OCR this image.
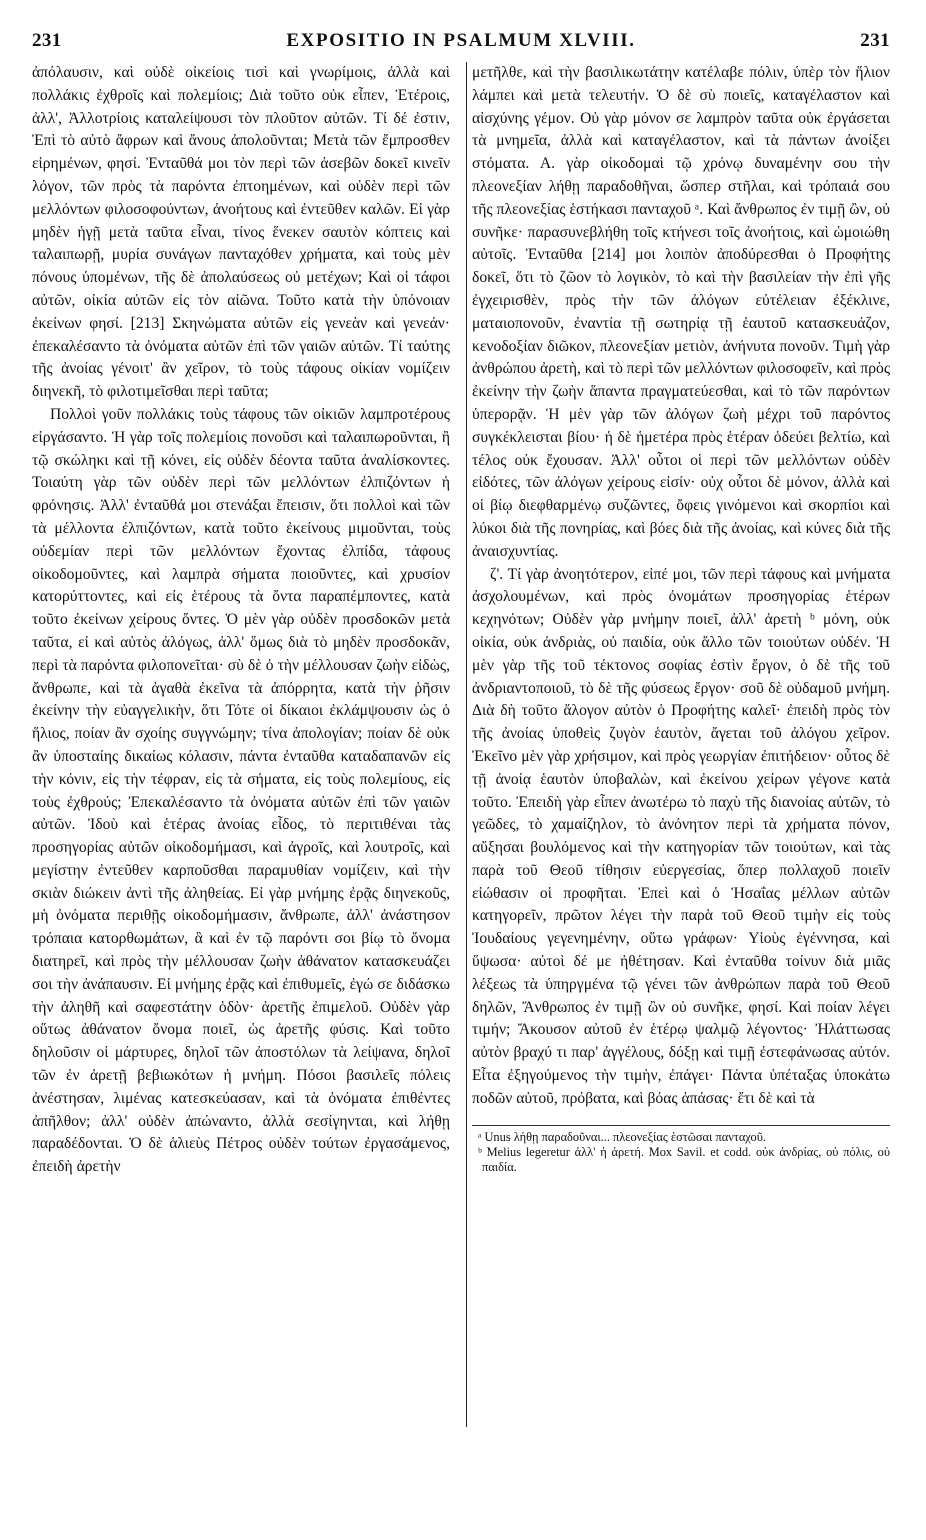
231	EXPOSITIO IN PSALMUM XLVIII.	231

ἀπόλαυσιν, καὶ οὐδὲ οἰκείοις τισὶ καὶ γνωρίμοις, ἀλλὰ καὶ πολλάκις ἐχθροῖς καὶ πολεμίοις; Διὰ τοῦτο οὐκ εἶπεν, Ἑτέροις, ἀλλ', Ἀλλοτρίοις καταλείψουσι τὸν πλοῦτον αὐτῶν. Τί δέ ἐστιν, Ἐπὶ τὸ αὐτὸ ἄφρων καὶ ἄνους ἀπολοῦνται; Μετὰ τῶν ἔμπροσθεν εἰρημένων, φησί. Ἐνταῦθά μοι τὸν περὶ τῶν ἀσεβῶν δοκεῖ κινεῖν λόγον, τῶν πρὸς τὰ παρόντα ἐπτοημένων, καὶ οὐδὲν περὶ τῶν μελλόντων φιλοσοφούντων, ἀνοήτους καὶ ἐντεῦθεν καλῶν. Εἰ γὰρ μηδὲν ἡγῇ μετὰ ταῦτα εἶναι, τίνος ἕνεκεν σαυτὸν κόπτεις καὶ ταλαιπωρῇ, μυρία συνάγων πανταχόθεν χρήματα, καὶ τοὺς μὲν πόνους ὑπομένων, τῆς δὲ ἀπολαύσεως οὐ μετέχων; Καὶ οἱ τάφοι αὐτῶν, οἰκία αὐτῶν εἰς τὸν αἰῶνα. Τοῦτο κατὰ τὴν ὑπόνοιαν ἐκείνων φησί. [213] Σκηνώματα αὐτῶν εἰς γενεὰν καὶ γενεάν· ἐπεκαλέσαντο τὰ ὀνόματα αὐτῶν ἐπὶ τῶν γαιῶν αὐτῶν. Τί ταύτης τῆς ἀνοίας γένοιτ' ἂν χεῖρον, τὸ τοὺς τάφους οἰκίαν νομίζειν διηνεκῆ, τὸ φιλοτιμεῖσθαι περὶ ταῦτα;

Πολλοὶ γοῦν πολλάκις τοὺς τάφους τῶν οἰκιῶν λαμπροτέρους εἰργάσαντο. Ἡ γὰρ τοῖς πολεμίοις πονοῦσι καὶ ταλαιπωροῦνται, ἢ τῷ σκώληκι καὶ τῇ κόνει, εἰς οὐδὲν δέοντα ταῦτα ἀναλίσκοντες. Τοιαύτη γὰρ τῶν οὐδὲν περὶ τῶν μελλόντων ἐλπιζόντων ἡ φρόνησις. Ἀλλ' ἐνταῦθά μοι στενάξαι ἔπεισιν, ὅτι πολλοὶ καὶ τῶν τὰ μέλλοντα ἐλπιζόντων, κατὰ τοῦτο ἐκείνους μιμοῦνται, τοὺς οὐδεμίαν περὶ τῶν μελλόντων ἔχοντας ἐλπίδα, τάφους οἰκοδομοῦντες, καὶ λαμπρὰ σήματα ποιοῦντες, καὶ χρυσίον κατορύττοντες, καὶ εἰς ἑτέρους τὰ ὄντα παραπέμποντες, κατὰ τοῦτο ἐκείνων χείρους ὄντες. Ὁ μὲν γὰρ οὐδὲν προσδοκῶν μετὰ ταῦτα, εἰ καὶ αὐτὸς ἀλόγως, ἀλλ' ὅμως διὰ τὸ μηδὲν προσδοκᾶν, περὶ τὰ παρόντα φιλοπονεῖται· σὺ δὲ ὁ τὴν μέλλουσαν ζωὴν εἰδὼς, ἄνθρωπε, καὶ τὰ ἀγαθὰ ἐκεῖνα τὰ ἀπόρρητα, κατὰ τὴν ῥῆσιν ἐκείνην τὴν εὐαγγελικὴν, ὅτι Τότε οἱ δίκαιοι ἐκλάμψουσιν ὡς ὁ ἥλιος, ποίαν ἂν σχοίης συγγνώμην; τίνα ἀπολογίαν; ποίαν δὲ οὐκ ἂν ὑποσταίης δικαίως κόλασιν, πάντα ἐνταῦθα καταδαπανῶν εἰς τὴν κόνιν, εἰς τὴν τέφραν, εἰς τὰ σήματα, εἰς τοὺς πολεμίους, εἰς τοὺς ἐχθρούς; Ἐπεκαλέσαντο τὰ ὀνόματα αὐτῶν ἐπὶ τῶν γαιῶν αὐτῶν. Ἰδοὺ καὶ ἑτέρας ἀνοίας εἶδος, τὸ περιτιθέναι τὰς προσηγορίας αὐτῶν οἰκοδομήμασι, καὶ ἀγροῖς, καὶ λουτροῖς, καὶ μεγίστην ἐντεῦθεν καρποῦσθαι παραμυθίαν νομίζειν, καὶ τὴν σκιὰν διώκειν ἀντὶ τῆς ἀληθείας. Εἰ γὰρ μνήμης ἐρᾷς διηνεκοῦς, μὴ ὀνόματα περιθῇς οἰκοδομήμασιν, ἄνθρωπε, ἀλλ' ἀνάστησον τρόπαια κατορθωμάτων, ἃ καὶ ἐν τῷ παρόντι σοι βίῳ τὸ ὄνομα διατηρεῖ, καὶ πρὸς τὴν μέλλουσαν ζωὴν ἀθάνατον κατασκευάζει σοι τὴν ἀνάπαυσιν. Εἰ μνήμης ἐρᾷς καὶ ἐπιθυμεῖς, ἐγώ σε διδάσκω τὴν ἀληθῆ καὶ σαφεστάτην ὁδὸν· ἀρετῆς ἐπιμελοῦ. Οὐδὲν γὰρ οὕτως ἀθάνατον ὄνομα ποιεῖ, ὡς ἀρετῆς φύσις. Καὶ τοῦτο δηλοῦσιν οἱ μάρτυρες, δηλοῖ τῶν ἀποστόλων τὰ λείψανα, δηλοῖ τῶν ἐν ἀρετῇ βεβιωκότων ἡ μνήμη. Πόσοι βασιλεῖς πόλεις ἀνέστησαν, λιμένας κατεσκεύασαν, καὶ τὰ ὀνόματα ἐπιθέντες ἀπῆλθον; ἀλλ' οὐδὲν ἀπώναντο, ἀλλὰ σεσίγηνται, καὶ λήθῃ παραδέδονται. Ὁ δὲ ἁλιεὺς Πέτρος οὐδὲν τούτων ἐργασάμενος, ἐπειδὴ ἀρετὴν

μετῆλθε, καὶ τὴν βασιλικωτάτην κατέλαβε πόλιν, ὑπὲρ τὸν ἥλιον λάμπει καὶ μετὰ τελευτήν. Ὁ δὲ σὺ ποιεῖς, καταγέλαστον καὶ αἰσχύνης γέμον. Οὐ γὰρ μόνον σε λαμπρὸν ταῦτα οὐκ ἐργάσεται τὰ μνημεῖα, ἀλλὰ καὶ καταγέλαστον, καὶ τὰ πάντων ἀνοίξει στόματα. Α. γὰρ οἰκοδομαὶ τῷ χρόνῳ δυναμένην σου τὴν πλεονεξίαν λήθῃ παραδοθῆναι, ὥσπερ στῆλαι, καὶ τρόπαιά σου τῆς πλεονεξίας ἑστήκασι πανταχοῦ ᵃ. Καὶ ἄνθρωπος ἐν τιμῇ ὢν, οὐ συνῆκε· παρασυνεβλήθη τοῖς κτήνεσι τοῖς ἀνοήτοις, καὶ ὡμοιώθη αὐτοῖς. Ἐνταῦθα [214] μοι λοιπὸν ἀποδύρεσθαι ὁ Προφήτης δοκεῖ, ὅτι τὸ ζῶον τὸ λογικὸν, τὸ καὶ τὴν βασιλείαν τὴν ἐπὶ γῆς ἐγχειρισθὲν, πρὸς τὴν τῶν ἀλόγων εὐτέλειαν ἐξέκλινε, ματαιοπονοῦν, ἐναντία τῇ σωτηρίᾳ τῇ ἑαυτοῦ κατασκευάζον, κενοδοξίαν διῶκον, πλεονεξίαν μετιὸν, ἀνήνυτα πονοῦν. Τιμὴ γὰρ ἀνθρώπου ἀρετὴ, καὶ τὸ περὶ τῶν μελλόντων φιλοσοφεῖν, καὶ πρὸς ἐκείνην τὴν ζωὴν ἅπαντα πραγματεύεσθαι, καὶ τὸ τῶν παρόντων ὑπερορᾷν. Ἡ μὲν γὰρ τῶν ἀλόγων ζωὴ μέχρι τοῦ παρόντος συγκέκλεισται βίου· ἡ δὲ ἡμετέρα πρὸς ἑτέραν ὁδεύει βελτίω, καὶ τέλος οὐκ ἔχουσαν. Ἀλλ' οὗτοι οἱ περὶ τῶν μελλόντων οὐδὲν εἰδότες, τῶν ἀλόγων χείρους εἰσίν· οὐχ οὗτοι δὲ μόνον, ἀλλὰ καὶ οἱ βίῳ διεφθαρμένῳ συζῶντες, ὄφεις γινόμενοι καὶ σκορπίοι καὶ λύκοι διὰ τῆς πονηρίας, καὶ βόες διὰ τῆς ἀνοίας, καὶ κύνες διὰ τῆς ἀναισχυντίας.

ζ'. Τί γὰρ ἀνοητότερον, εἰπέ μοι, τῶν περὶ τάφους καὶ μνήματα ἀσχολουμένων, καὶ πρὸς ὀνομάτων προσηγορίας ἑτέρων κεχηνότων; Οὐδὲν γὰρ μνήμην ποιεῖ, ἀλλ' ἀρετὴ ᵇ μόνη, οὐκ οἰκία, οὐκ ἀνδριὰς, οὐ παιδία, οὐκ ἄλλο τῶν τοιούτων οὐδέν. Ἡ μὲν γὰρ τῆς τοῦ τέκτονος σοφίας ἐστὶν ἔργον, ὁ δὲ τῆς τοῦ ἀνδριαντοποιοῦ, τὸ δὲ τῆς φύσεως ἔργον· σοῦ δὲ οὐδαμοῦ μνήμη. Διὰ δὴ τοῦτο ἄλογον αὐτὸν ὁ Προφήτης καλεῖ· ἐπειδὴ πρὸς τὸν τῆς ἀνοίας ὑποθεὶς ζυγὸν ἑαυτὸν, ἄγεται τοῦ ἀλόγου χεῖρον. Ἐκεῖνο μὲν γὰρ χρήσιμον, καὶ πρὸς γεωργίαν ἐπιτήδειον· οὗτος δὲ τῇ ἀνοίᾳ ἑαυτὸν ὑποβαλὼν, καὶ ἐκείνου χείρων γέγονε κατὰ τοῦτο. Ἐπειδὴ γὰρ εἶπεν ἀνωτέρω τὸ παχὺ τῆς διανοίας αὐτῶν, τὸ γεῶδες, τὸ χαμαίζηλον, τὸ ἀνόνητον περὶ τὰ χρήματα πόνον, αὔξησαι βουλόμενος καὶ τὴν κατηγορίαν τῶν τοιούτων, καὶ τὰς παρὰ τοῦ Θεοῦ τίθησιν εὐεργεσίας, ὅπερ πολλαχοῦ ποιεῖν εἰώθασιν οἱ προφῆται. Ἐπεὶ καὶ ὁ Ἡσαΐας μέλλων αὐτῶν κατηγορεῖν, πρῶτον λέγει τὴν παρὰ τοῦ Θεοῦ τιμὴν εἰς τοὺς Ἰουδαίους γεγενημένην, οὕτω γράφων· Υἱοὺς ἐγέννησα, καὶ ὕψωσα· αὐτοὶ δέ με ἠθέτησαν. Καὶ ἐνταῦθα τοίνυν διὰ μιᾶς λέξεως τὰ ὑπηργμένα τῷ γένει τῶν ἀνθρώπων παρὰ τοῦ Θεοῦ δηλῶν, Ἄνθρωπος ἐν τιμῇ ὢν οὐ συνῆκε, φησί. Καὶ ποίαν λέγει τιμήν; Ἄκουσον αὐτοῦ ἐν ἑτέρῳ ψαλμῷ λέγοντος· Ἠλάττωσας αὐτὸν βραχύ τι παρ' ἀγγέλους, δόξῃ καὶ τιμῇ ἐστεφάνωσας αὐτόν. Εἶτα ἐξηγούμενος τὴν τιμὴν, ἐπάγει· Πάντα ὑπέταξας ὑποκάτω ποδῶν αὐτοῦ, πρόβατα, καὶ βόας ἁπάσας· ἔτι δὲ καὶ τὰ

ᵃ Unus λήθῃ παραδοῦναι... πλεονεξίας ἑστῶσαι πανταχοῦ.
ᵇ Melius legeretur ἀλλ' ἡ ἀρετή. Mox Savil. et codd. οὐκ ἀνδρίας, οὐ πόλις, οὐ παιδία.
